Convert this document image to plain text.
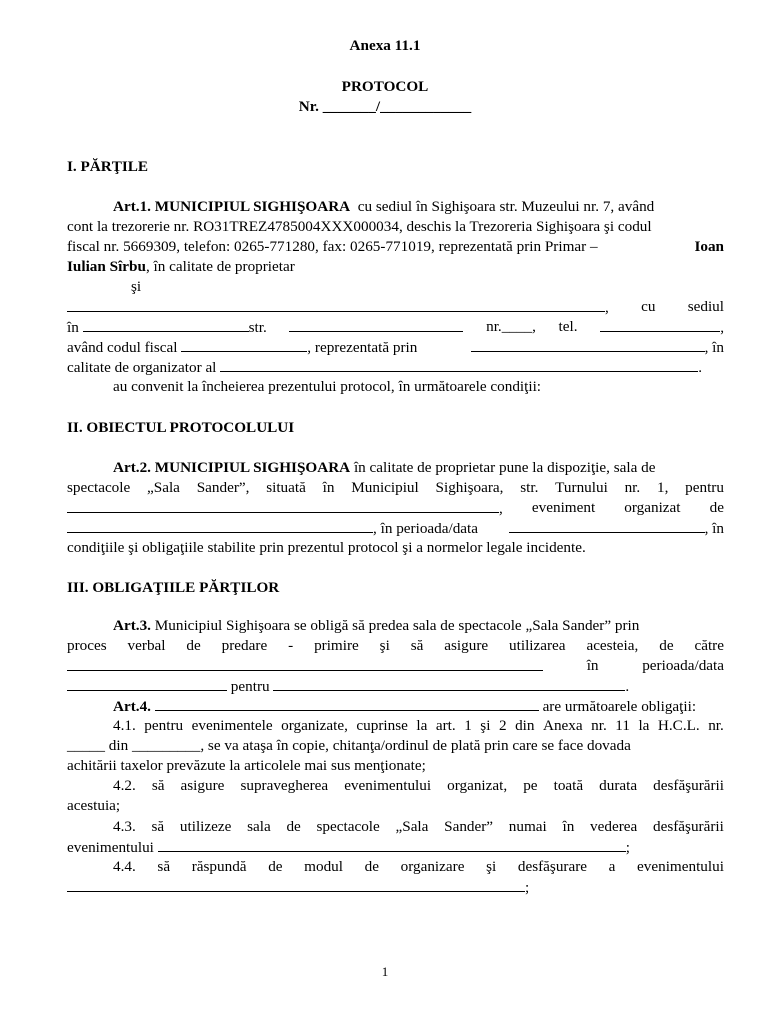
Anexa 11.1
PROTOCOL
Nr. _______/____________
I. PĂRŢILE
Art.1. MUNICIPIUL SIGHIŞOARA cu sediul în Sighişoara str. Muzeului nr. 7, având
cont la trezorerie nr. RO31TREZ4785004XXX000034, deschis la Trezoreria Sighişoara şi codul
fiscal nr. 5669309, telefon: 0265-771280, fax: 0265-771019, reprezentată prin Primar –	Ioan
Iulian Sîrbu, în calitate de proprietar
şi
, cu sediul
în	str.	nr.____, tel.	,
având codul fiscal	, reprezentată prin	, în
calitate de organizator al	.
au convenit la încheierea prezentului protocol, în următoarele condiţii:
II. OBIECTUL PROTOCOLULUI
Art.2. MUNICIPIUL SIGHIŞOARA în calitate de proprietar pune la dispoziţie, sala de
spectacole „Sala Sander”, situată în Municipiul Sighişoara, str. Turnului nr. 1, pentru
, eveniment organizat de
, în perioada/data	, în
condiţiile şi obligaţiile stabilite prin prezentul protocol şi a normelor legale incidente.
III. OBLIGAŢIILE PĂRŢILOR
Art.3. Municipiul Sighişoara se obligă să predea sala de spectacole „Sala Sander” prin
proces verbal de predare - primire şi să asigure utilizarea acesteia, de către
în	perioada/data
pentru	.
Art.4.	are următoarele obligaţii:
4.1. pentru evenimentele organizate, cuprinse la art. 1 şi 2 din Anexa nr. 11 la H.C.L. nr.
_____ din _________, se va ataşa în copie, chitanţa/ordinul de plată prin care se face dovada
achitării taxelor prevăzute la articolele mai sus menţionate;
4.2. să asigure supravegherea evenimentului organizat, pe toată durata desfăşurării
acestuia;
4.3. să utilizeze sala de spectacole „Sala Sander” numai în vederea desfăşurării
evenimentului	;
4.4. să răspundă de modul de organizare şi desfăşurare a evenimentului
;
1
